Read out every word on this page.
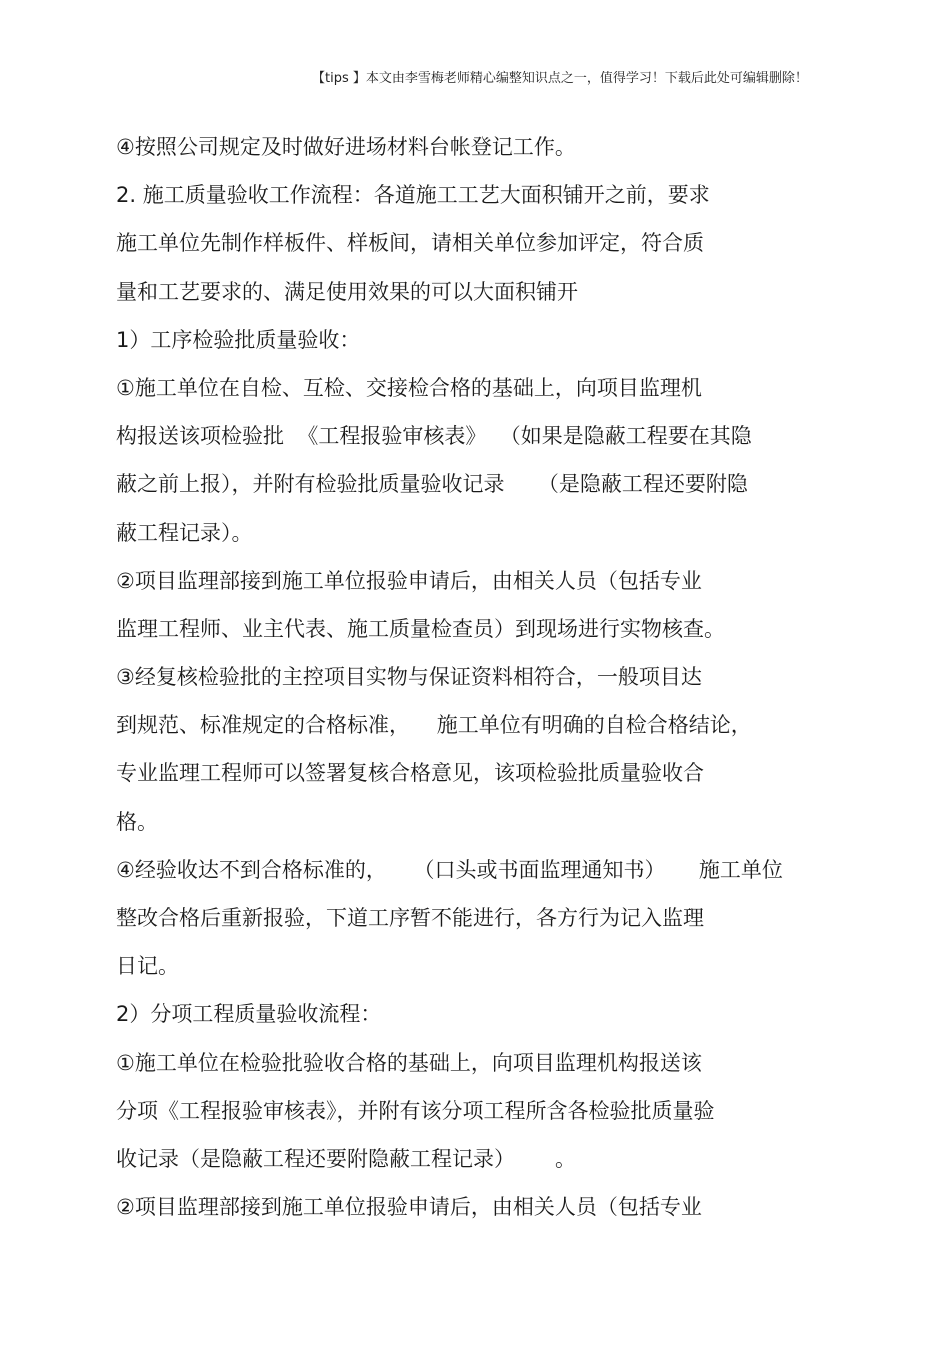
【tips 】本文由李雪梅老师精心编整知识点之一，值得学习！下载后此处可编辑删除！
④按照公司规定及时做好进场材料台帐登记工作。
2. 施工质量验收工作流程：各道施工工艺大面积铺开之前，要求
施工单位先制作样板件、样板间，请相关单位参加评定，符合质
量和工艺要求的、满足使用效果的可以大面积铺开
1）工序检验批质量验收：
①施工单位在自检、互检、交接检合格的基础上，向项目监理机
构报送该项检验批  《工程报验审核表》  （如果是隐蔽工程要在其隐
蔽之前上报），并附有检验批质量验收记录     （是隐蔽工程还要附隐
蔽工程记录）。
②项目监理部接到施工单位报验申请后，由相关人员（包括专业
监理工程师、业主代表、施工质量检查员）到现场进行实物核查。
③经复核检验批的主控项目实物与保证资料相符合，一般项目达
到规范、标准规定的合格标准，    施工单位有明确的自检合格结论，
专业监理工程师可以签署复核合格意见，该项检验批质量验收合
格。
④经验收达不到合格标准的，    （口头或书面监理通知书）     施工单位
整改合格后重新报验，下道工序暂不能进行，各方行为记入监理
日记。
2）分项工程质量验收流程：
①施工单位在检验批验收合格的基础上，向项目监理机构报送该
分项《工程报验审核表》，并附有该分项工程所含各检验批质量验
收记录（是隐蔽工程还要附隐蔽工程记录）      。
②项目监理部接到施工单位报验申请后，由相关人员（包括专业
